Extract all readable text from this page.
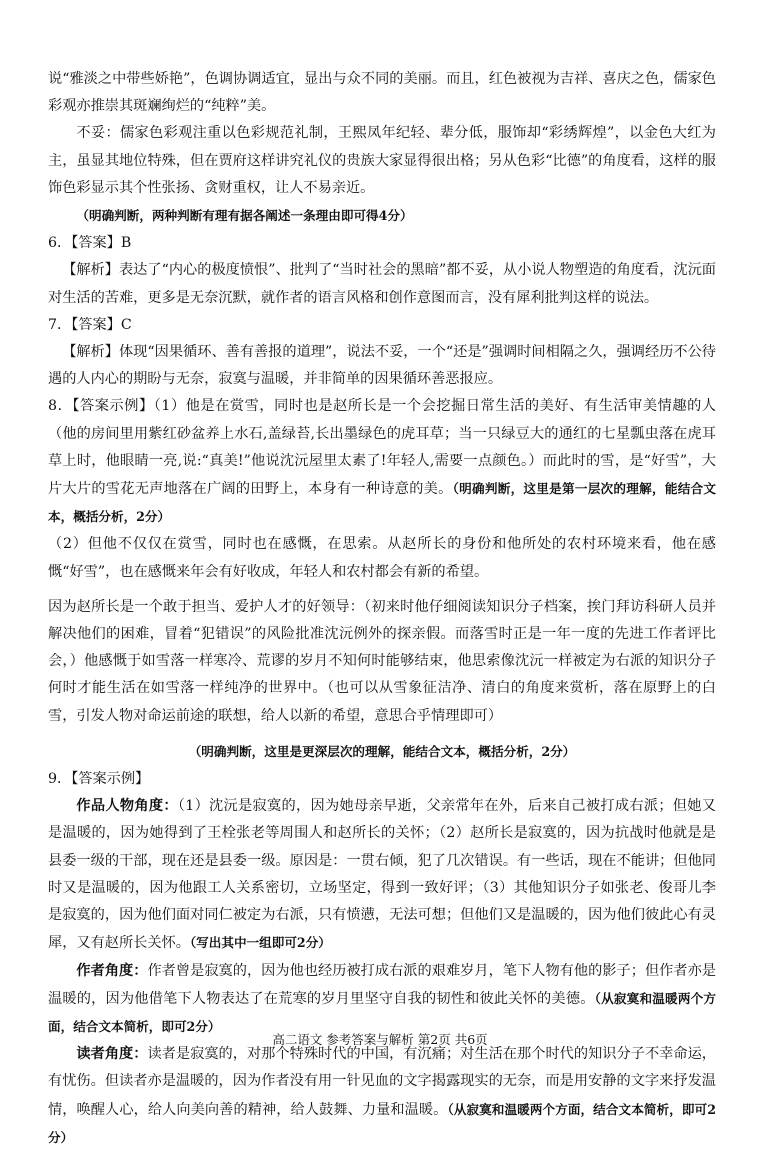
说“雅淡之中带些娇艳”，色调协调适宜，显出与众不同的美丽。而且，红色被视为吉祥、喜庆之色，儒家色彩观亦推崇其斑斓绚烂的“纯粹”美。

不妥：儒家色彩观注重以色彩规范礼制，王熙凤年纪轻、辈分低，服饰却“彩绣辉煌”，以金色大红为主，虽显其地位特殊，但在贾府这样讲究礼仪的贵族大家显得很出格；另从色彩“比德”的角度看，这样的服饰色彩显示其个性张扬、贪财重权，让人不易亲近。

（明确判断，两种判断有理有据各阐述一条理由即可得4分）

6．【答案】B

【解析】表达了“内心的极度愤恨”、批判了“当时社会的黑暗”都不妥，从小说人物塑造的角度看，沈沅面对生活的苦难，更多是无奈沉默，就作者的语言风格和创作意图而言，没有犀利批判这样的说法。

7．【答案】C

【解析】体现“因果循环、善有善报的道理”，说法不妥，一个“还是”强调时间相隔之久，强调经历不公待遇的人内心的期盼与无奈，寂寞与温暖，并非简单的因果循环善恶报应。

8．【答案示例】（1）他是在赏雪，同时也是赵所长是一个会挖掘日常生活的美好、有生活审美情趣的人（他的房间里用紫红砂盆养上水石,盖绿苔,长出墨绿色的虎耳草；当一只绿豆大的通红的七星瓢虫落在虎耳草上时，他眼睛一亮,说:“真美!”他说沈沅屋里太素了!年轻人,需要一点颜色。）而此时的雪，是“好雪”，大片大片的雪花无声地落在广阔的田野上，本身有一种诗意的美。（明确判断，这里是第一层次的理解，能结合文本，概括分析，2分）

（2）但他不仅仅在赏雪，同时也在感慨，在思索。从赵所长的身份和他所处的农村环境来看，他在感慨“好雪”，也在感慨来年会有好收成，年轻人和农村都会有新的希望。

因为赵所长是一个敢于担当、爱护人才的好领导：（初来时他仔细阅读知识分子档案，挨门拜访科研人员并解决他们的困难，冒着“犯错误”的风险批准沈沅例外的探亲假。而落雪时正是一年一度的先进工作者评比会，）他感慨于如雪落一样寒冷、荒谬的岁月不知何时能够结束，他思索像沈沅一样被定为右派的知识分子何时才能生活在如雪落一样纯净的世界中。（也可以从雪象征洁净、清白的角度来赏析，落在原野上的白雪，引发人物对命运前途的联想，给人以新的希望，意思合乎情理即可）

（明确判断，这里是更深层次的理解，能结合文本，概括分析，2分）

9．【答案示例】

作品人物角度：（1）沈沅是寂寞的，因为她母亲早逝，父亲常年在外，后来自己被打成右派；但她又是温暖的，因为她得到了王栓张老等周围人和赵所长的关怀；（2）赵所长是寂寞的，因为抗战时他就是是县委一级的干部，现在还是县委一级。原因是：一贯右倾，犯了几次错误。有一些话，现在不能讲；但他同时又是温暖的，因为他跟工人关系密切，立场坚定，得到一致好评；（3）其他知识分子如张老、俊哥儿李是寂寞的，因为他们面对同仁被定为右派，只有愤懑，无法可想；但他们又是温暖的，因为他们彼此心有灵犀，又有赵所长关怀。（写出其中一组即可2分）

作者角度：作者曾是寂寞的，因为他也经历被打成右派的艰难岁月，笔下人物有他的影子；但作者亦是温暖的，因为他借笔下人物表达了在荒寒的岁月里坚守自我的韧性和彼此关怀的美德。（从寂寞和温暖两个方面，结合文本简析，即可2分）

读者角度：读者是寂寞的，对那个特殊时代的中国，有沉痛；对生活在那个时代的知识分子不幸命运，有忧伤。但读者亦是温暖的，因为作者没有用一针见血的文字揭露现实的无奈，而是用安静的文字来抒发温情，唤醒人心，给人向美向善的精神，给人鼓舞、力量和温暖。（从寂寞和温暖两个方面，结合文本简析，即可2分）

高二语文 参考答案与解析 第2页 共6页
